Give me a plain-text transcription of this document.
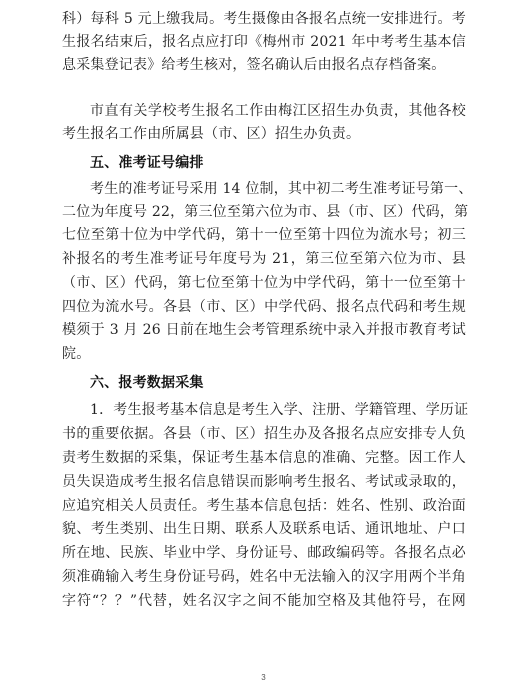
科）每科 5 元上缴我局。考生摄像由各报名点统一安排进行。考
生报名结束后，报名点应打印《梅州市 2021 年中考考生基本信
息采集登记表》给考生核对，签名确认后由报名点存档备案。
市直有关学校考生报名工作由梅江区招生办负责，其他各校
考生报名工作由所属县（市、区）招生办负责。
五、准考证号编排
考生的准考证号采用 14 位制，其中初二考生准考证号第一、
二位为年度号 22，第三位至第六位为市、县（市、区）代码，第
七位至第十位为中学代码，第十一位至第十四位为流水号；初三
补报名的考生准考证号年度号为 21，第三位至第六位为市、县
（市、区）代码，第七位至第十位为中学代码，第十一位至第十
四位为流水号。各县（市、区）中学代码、报名点代码和考生规
模须于 3 月 26 日前在地生会考管理系统中录入并报市教育考试
院。
六、报考数据采集
1．考生报考基本信息是考生入学、注册、学籍管理、学历证
书的重要依据。各县（市、区）招生办及各报名点应安排专人负
责考生数据的采集，保证考生基本信息的准确、完整。因工作人
员失误造成考生报名信息错误而影响考生报名、考试或录取的，
应追究相关人员责任。考生基本信息包括：姓名、性别、政治面
貌、考生类别、出生日期、联系人及联系电话、通讯地址、户口
所在地、民族、毕业中学、身份证号、邮政编码等。各报名点必
须准确输入考生身份证号码，姓名中无法输入的汉字用两个半角
字符“？？”代替，姓名汉字之间不能加空格及其他符号，在网
3
